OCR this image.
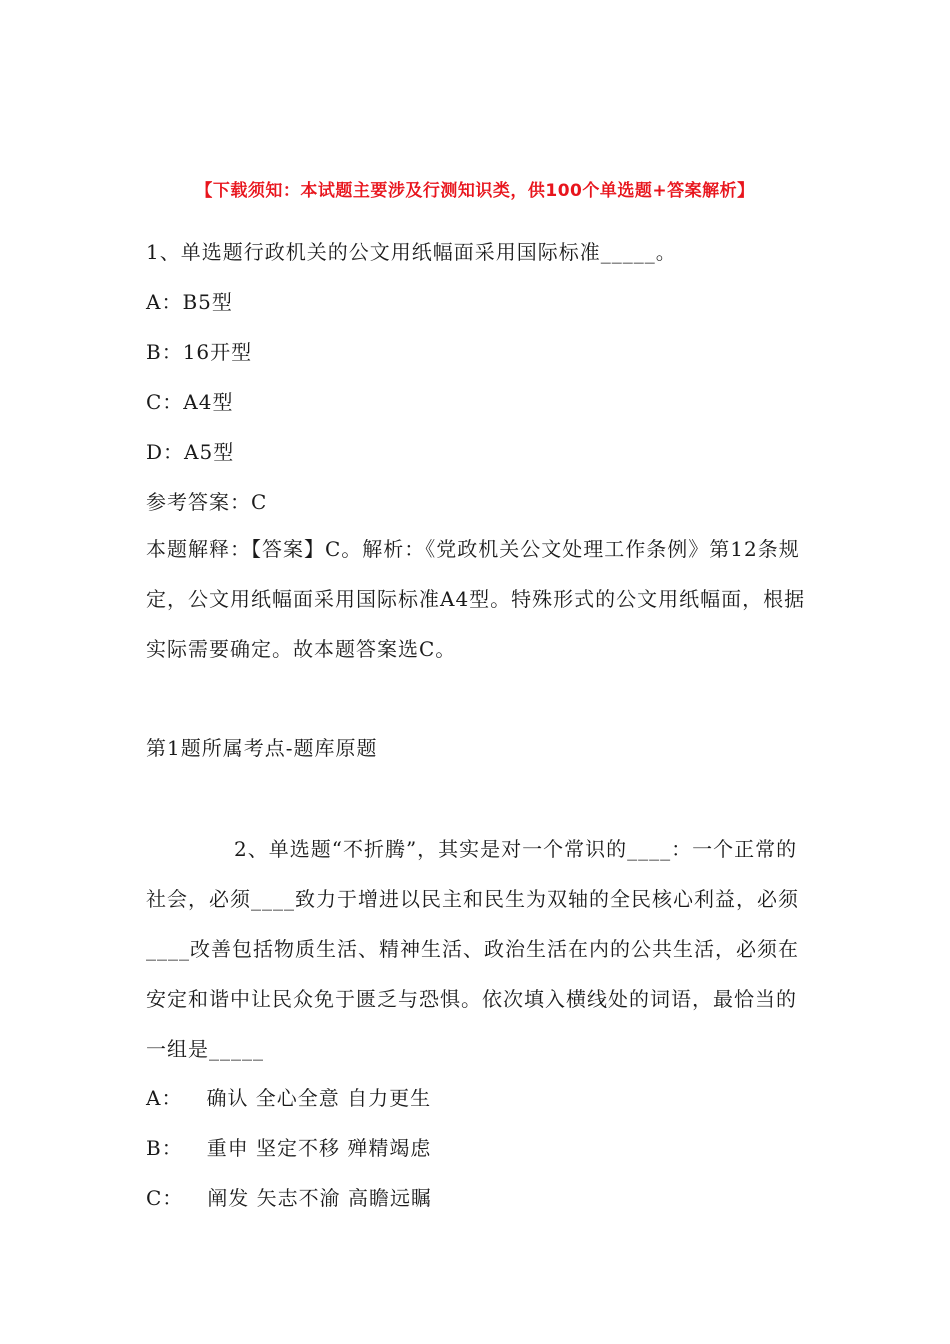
【下载须知：本试题主要涉及行测知识类，供100个单选题+答案解析】
1、单选题行政机关的公文用纸幅面采用国际标准_____。
A：B5型
B：16开型
C：A4型
D：A5型
参考答案：C
本题解释：【答案】C。解析：《党政机关公文处理工作条例》第12条规定，公文用纸幅面采用国际标准A4型。特殊形式的公文用纸幅面，根据实际需要确定。故本题答案选C。
第1题所属考点-题库原题
2、单选题“不折腾”，其实是对一个常识的____：一个正常的社会，必须____致力于增进以民主和民生为双轴的全民核心利益，必须____改善包括物质生活、精神生活、政治生活在内的公共生活，必须在安定和谐中让民众免于匮乏与恐惧。依次填入横线处的词语，最恰当的一组是_____
A： 确认 全心全意 自力更生
B： 重申 坚定不移 殚精竭虑
C： 阐发 矢志不渝 高瞻远瞩
